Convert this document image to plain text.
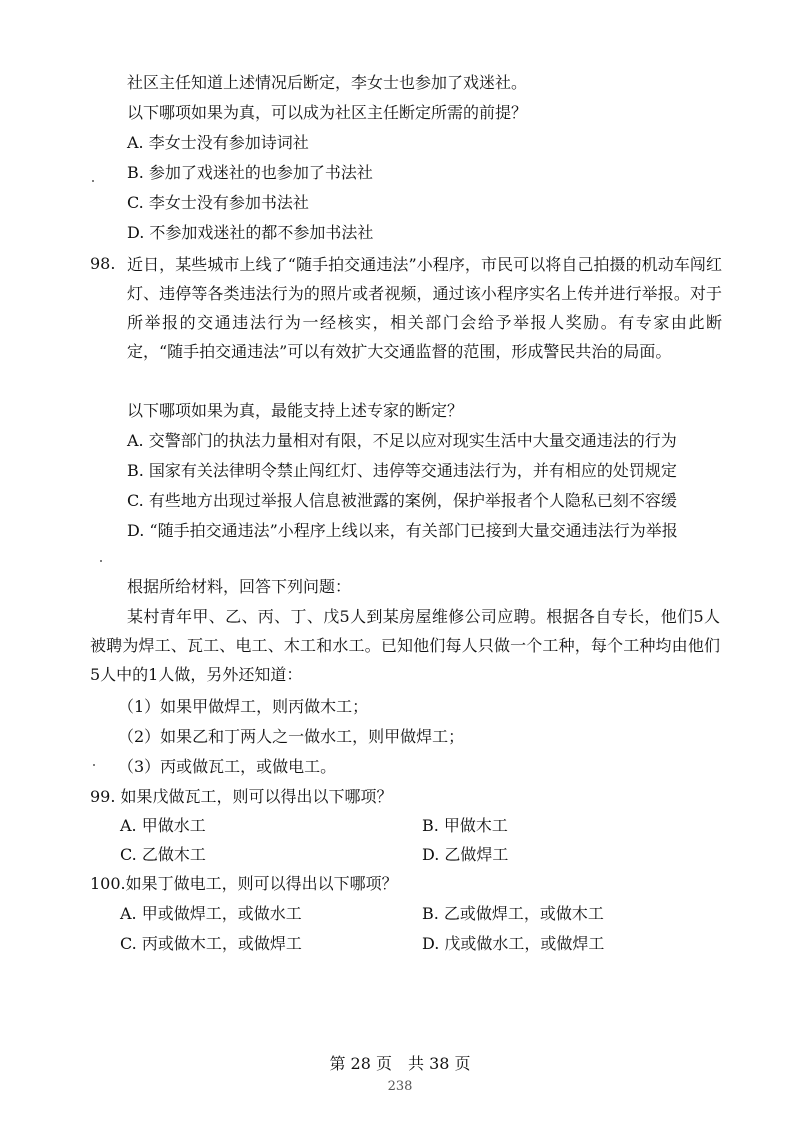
社区主任知道上述情况后断定，李女士也参加了戏迷社。
以下哪项如果为真，可以成为社区主任断定所需的前提？
A. 李女士没有参加诗词社
B. 参加了戏迷社的也参加了书法社
C. 李女士没有参加书法社
D. 不参加戏迷社的都不参加书法社
98. 近日，某些城市上线了“随手拍交通违法”小程序，市民可以将自己拍摄的机动车闯红灯、违停等各类违法行为的照片或者视频，通过该小程序实名上传并进行举报。对于所举报的交通违法行为一经核实，相关部门会给予举报人奖励。有专家由此断定，“随手拍交通违法”可以有效扩大交通监督的范围，形成警民共治的局面。
以下哪项如果为真，最能支持上述专家的断定？
A. 交警部门的执法力量相对有限，不足以应对现实生活中大量交通违法的行为
B. 国家有关法律明令禁止闯红灯、违停等交通违法行为，并有相应的处罚规定
C. 有些地方出现过举报人信息被泄露的案例，保护举报者个人隐私已刻不容缓
D. “随手拍交通违法”小程序上线以来，有关部门已接到大量交通违法行为举报
根据所给材料，回答下列问题：
某村青年甲、乙、丙、丁、戊5人到某房屋维修公司应聘。根据各自专长，他们5人被聘为焊工、瓦工、电工、木工和水工。已知他们每人只做一个工种，每个工种均由他们5人中的1人做，另外还知道：
（1）如果甲做焊工，则丙做木工；
（2）如果乙和丁两人之一做水工，则甲做焊工；
（3）丙或做瓦工，或做电工。
99. 如果戊做瓦工，则可以得出以下哪项？
A. 甲做水工	B. 甲做木工
C. 乙做木工	D. 乙做焊工
100.如果丁做电工，则可以得出以下哪项？
A. 甲或做焊工，或做水工	B. 乙或做焊工，或做木工
C. 丙或做木工，或做焊工	D. 戊或做水工，或做焊工
第 28 页　共 38 页
238
